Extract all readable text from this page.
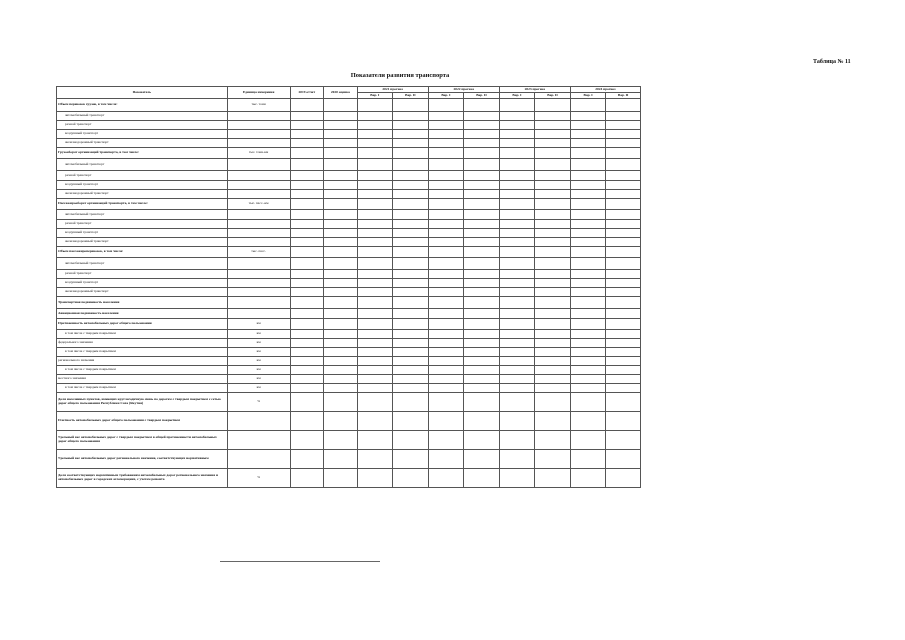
Таблица № 11
Показатели развития транспорта
Показатель	Единица измерения	2019 отчет	2020 оценка	2021 прогноз		2022 прогноз		2023 прогноз		2024 прогноз	
				Вар. I	Вар. II	Вар. I	Вар. II	Вар. I	Вар. II	Вар. I	Вар. II
Объем перевозок грузов, в том числе:	тыс. тонн										
автомобильный транспорт											
речной транспорт											
воздушный транспорт											
железнодорожный транспорт											
Грузооборот организаций транспорта, в том числе:	тыс. тонн-км										
автомобильный транспорт											
речной транспорт											
воздушный транспорт											
железнодорожный транспорт											
Пассажирооборот организаций транспорта, в том числе:	тыс. пасс.-км										
автомобильный транспорт											
речной транспорт											
воздушный транспорт											
железнодорожный транспорт											
Объем пассажироперевозок, в том числе:	тыс. пасс.										
автомобильный транспорт											
речной транспорт											
воздушный транспорт											
железнодорожный транспорт											
Транспортная подвижность населения											
Авиационная подвижность населения											
Протяженность автомобильных дорог общего пользования	км										
в том числе с твердым покрытием	км										
федерального значения	км										
в том числе с твердым покрытием	км										
регионального значения	км										
в том числе с твердым покрытием	км										
местного значения	км										
в том числе с твердым покрытием	км										
Доля населенных пунктов, имеющих круглогодичную связь по дорогам с твердым покрытием с сетью дорог общего пользования Республики Саха (Якутия)	%										
Плотность автомобильных дорог общего пользования с твердым покрытием											
Удельный вес автомобильных дорог с твердым покрытием в общей протяженности автомобильных дорог общего пользования											
Удельный вес автомобильных дорог регионального значения, соответствующих нормативным											
Доля соответствующих нормативным требованиям автомобильных дорог регионального значения и автомобильных дорог в городских агломерациях, с учетом ремонта	%										
